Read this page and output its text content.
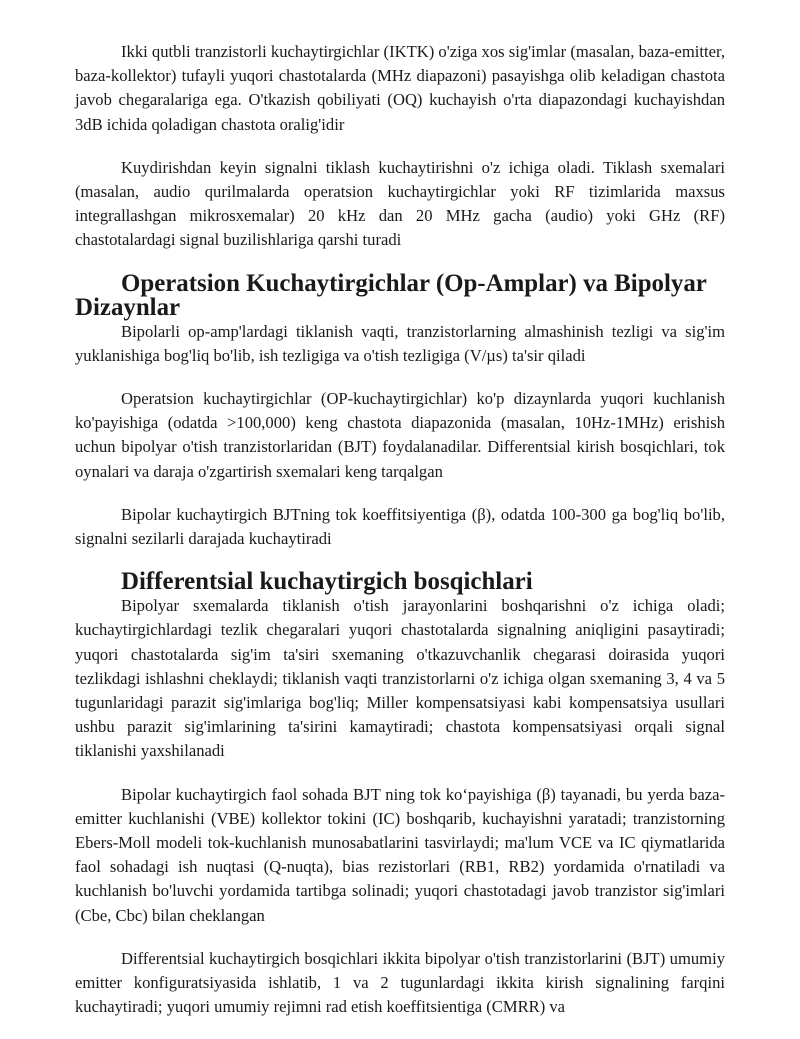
Ikki qutbli tranzistorli kuchaytirgichlar (IKTK) o'ziga xos sig'imlar (masalan, baza-emitter, baza-kollektor) tufayli yuqori chastotalarda (MHz diapazoni) pasayishga olib keladigan chastota javob chegaralariga ega. O'tkazish qobiliyati (OQ) kuchayish o'rta diapazondagi kuchayishdan 3dB ichida qoladigan chastota oralig'idir

Kuydirishdan keyin signalni tiklash kuchaytirishni o'z ichiga oladi. Tiklash sxemalari (masalan, audio qurilmalarda operatsion kuchaytirgichlar yoki RF tizimlarida maxsus integrallashgan mikrosxemalar) 20 kHz dan 20 MHz gacha (audio) yoki GHz (RF) chastotalardagi signal buzilishlariga qarshi turadi

Operatsion Kuchaytirgichlar (Op-Amplar) va Bipolyar Dizaynlar

Bipolarli op-amp'lardagi tiklanish vaqti, tranzistorlarning almashinish tezligi va sig'im yuklanishiga bog'liq bo'lib, ish tezligiga va o'tish tezligiga (V/µs) ta'sir qiladi

Operatsion kuchaytirgichlar (OP-kuchaytirgichlar) ko'p dizaynlarda yuqori kuchlanish ko'payishiga (odatda >100,000) keng chastota diapazonida (masalan, 10Hz-1MHz) erishish uchun bipolyar o'tish tranzistorlaridan (BJT) foydalanadilar. Differentsial kirish bosqichlari, tok oynalari va daraja o'zgartirish sxemalari keng tarqalgan

Bipolar kuchaytirgich BJTning tok koeffitsiyentiga (β), odatda 100-300 ga bog'liq bo'lib, signalni sezilarli darajada kuchaytiradi

Differentsial kuchaytirgich bosqichlari

Bipolyar sxemalarda tiklanish o'tish jarayonlarini boshqarishni o'z ichiga oladi; kuchaytirgichlardagi tezlik chegaralari yuqori chastotalarda signalning aniqligini pasaytiradi; yuqori chastotalarda sig'im ta'siri sxemaning o'tkazuvchanlik chegarasi doirasida yuqori tezlikdagi ishlashni cheklaydi; tiklanish vaqti tranzistorlarni o'z ichiga olgan sxemaning 3, 4 va 5 tugunlaridagi parazit sig'imlariga bog'liq; Miller kompensatsiyasi kabi kompensatsiya usullari ushbu parazit sig'imlarining ta'sirini kamaytiradi; chastota kompensatsiyasi orqali signal tiklanishi yaxshilanadi

Bipolar kuchaytirgich faol sohada BJT ning tok ko‘payishiga (β) tayanadi, bu yerda baza-emitter kuchlanishi (VBE) kollektor tokini (IC) boshqarib, kuchayishni yaratadi; tranzistorning Ebers-Moll modeli tok-kuchlanish munosabatlarini tasvirlaydi; ma'lum VCE va IC qiymatlarida faol sohadagi ish nuqtasi (Q-nuqta), bias rezistorlari (RB1, RB2) yordamida o'rnatiladi va kuchlanish bo'luvchi yordamida tartibga solinadi; yuqori chastotadagi javob tranzistor sig'imlari (Cbe, Cbc) bilan cheklangan

Differentsial kuchaytirgich bosqichlari ikkita bipolyar o'tish tranzistorlarini (BJT) umumiy emitter konfiguratsiyasida ishlatib, 1 va 2 tugunlardagi ikkita kirish signalining farqini kuchaytiradi; yuqori umumiy rejimni rad etish koeffitsientiga (CMRR) va
